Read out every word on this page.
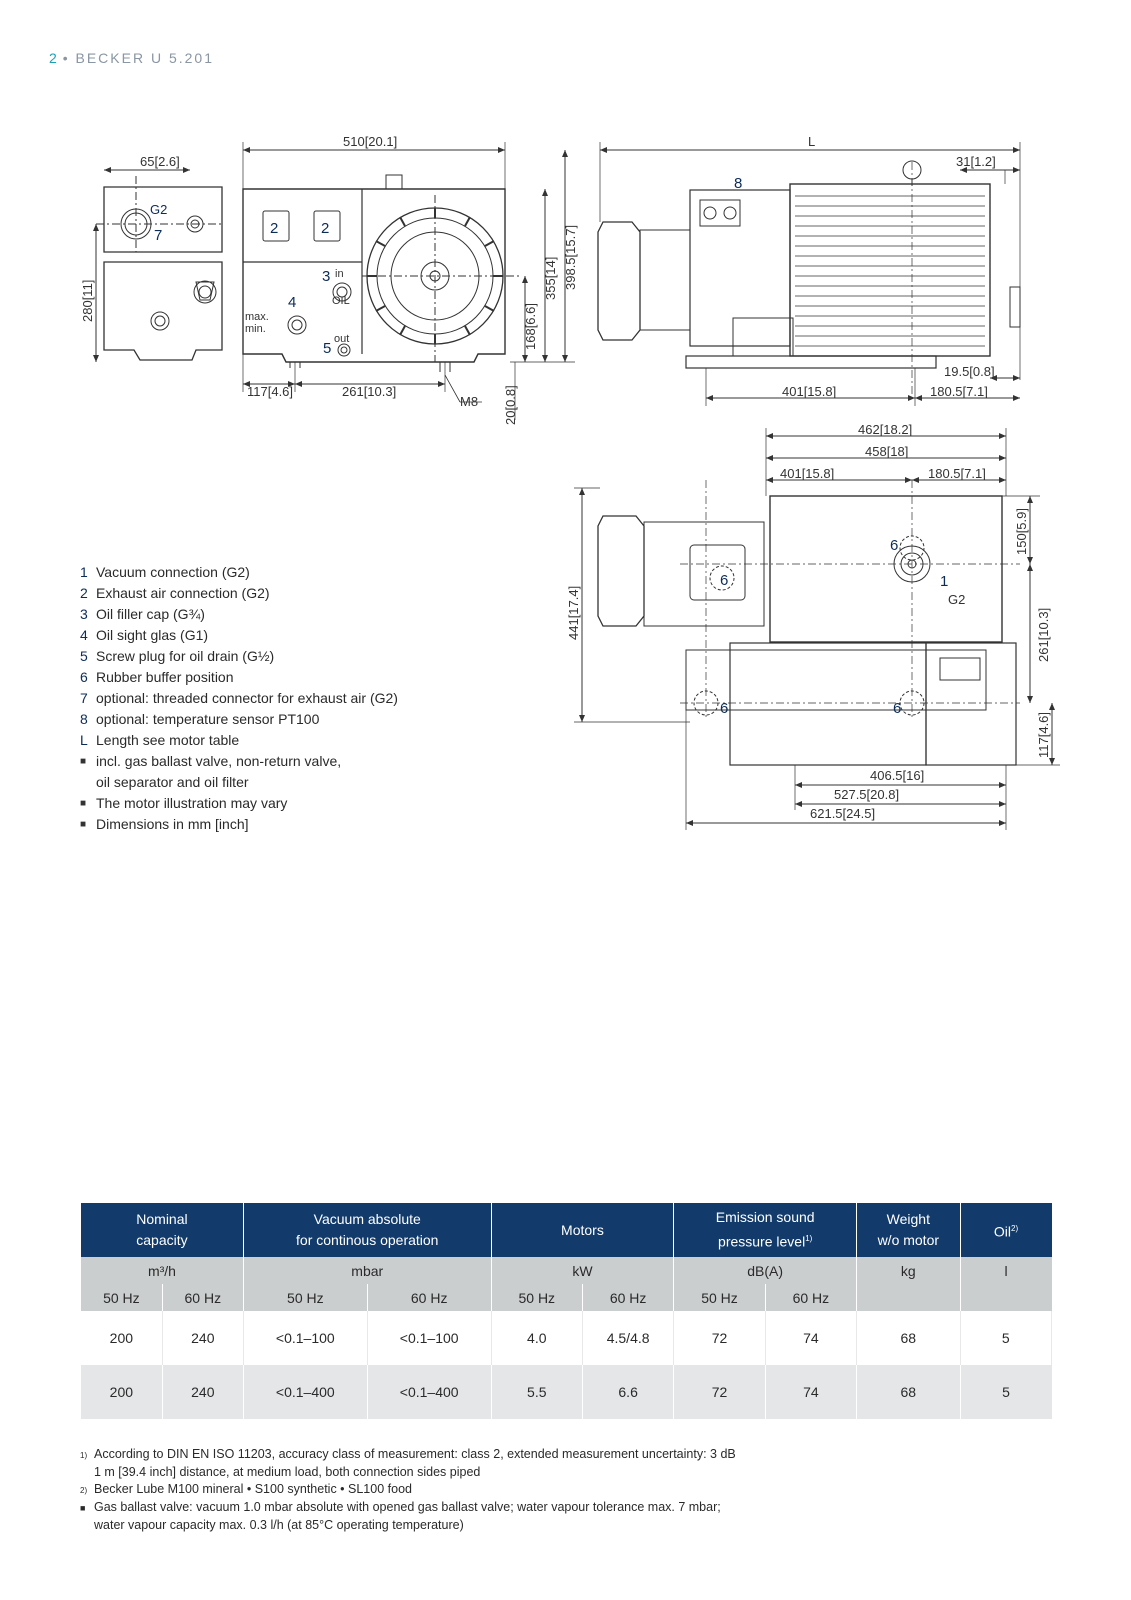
2 • BECKER U 5.201
65[2.6]
G2
7
280[11]
510[20.1]
2	2
3 in
OIL
4
max.
min.
5
out
398.5[15.7]
355[14]
168[6.6]
20[0.8]
117[4.6]	261[10.3]
M8
L
31[1.2]
8
19.5[0.8]
401[15.8]	180.5[7.1]
462[18.2]
458[18]
401[15.8]	180.5[7.1]
150[5.9]
441[17.4]	261[10.3]
117[4.6]
406.5[16]
527.5[20.8]
621.5[24.5]
6
6
6	6
1
G2
1 Vacuum connection (G2)
2 Exhaust air connection (G2)
3 Oil filler cap (G¾)
4 Oil sight glas (G1)
5 Screw plug for oil drain (G½)
6 Rubber buffer position
7 optional: threaded connector for exhaust air (G2)
8 optional: temperature sensor PT100
L Length see motor table
■ incl. gas ballast valve, non-return valve,
oil separator and oil filter
■ The motor illustration may vary
■ Dimensions in mm [inch]
Nominal
capacity		Vacuum absolute
for continous operation		Motors		Emission sound
pressure level$^{1)}$		Weight
w/o motor	Oil$^{2)}$
m³/h		mbar		kW		dB(A)		kg	l
50 Hz	60 Hz	50 Hz	60 Hz	50 Hz	60 Hz	50 Hz	60 Hz		
200	240	<0.1–100	<0.1–100	4.0	4.5/4.8	72	74	68	5
200	240	<0.1–400	<0.1–400	5.5	6.6	72	74	68	5
1) According to DIN EN ISO 11203, accuracy class of measurement: class 2, extended measurement uncertainty: 3 dB
1 m [39.4 inch] distance, at medium load, both connection sides piped
2) Becker Lube M100 mineral • S100 synthetic • SL100 food
■ Gas ballast valve: vacuum 1.0 mbar absolute with opened gas ballast valve; water vapour tolerance max. 7 mbar;
water vapour capacity max. 0.3 l/h (at 85°C operating temperature)
